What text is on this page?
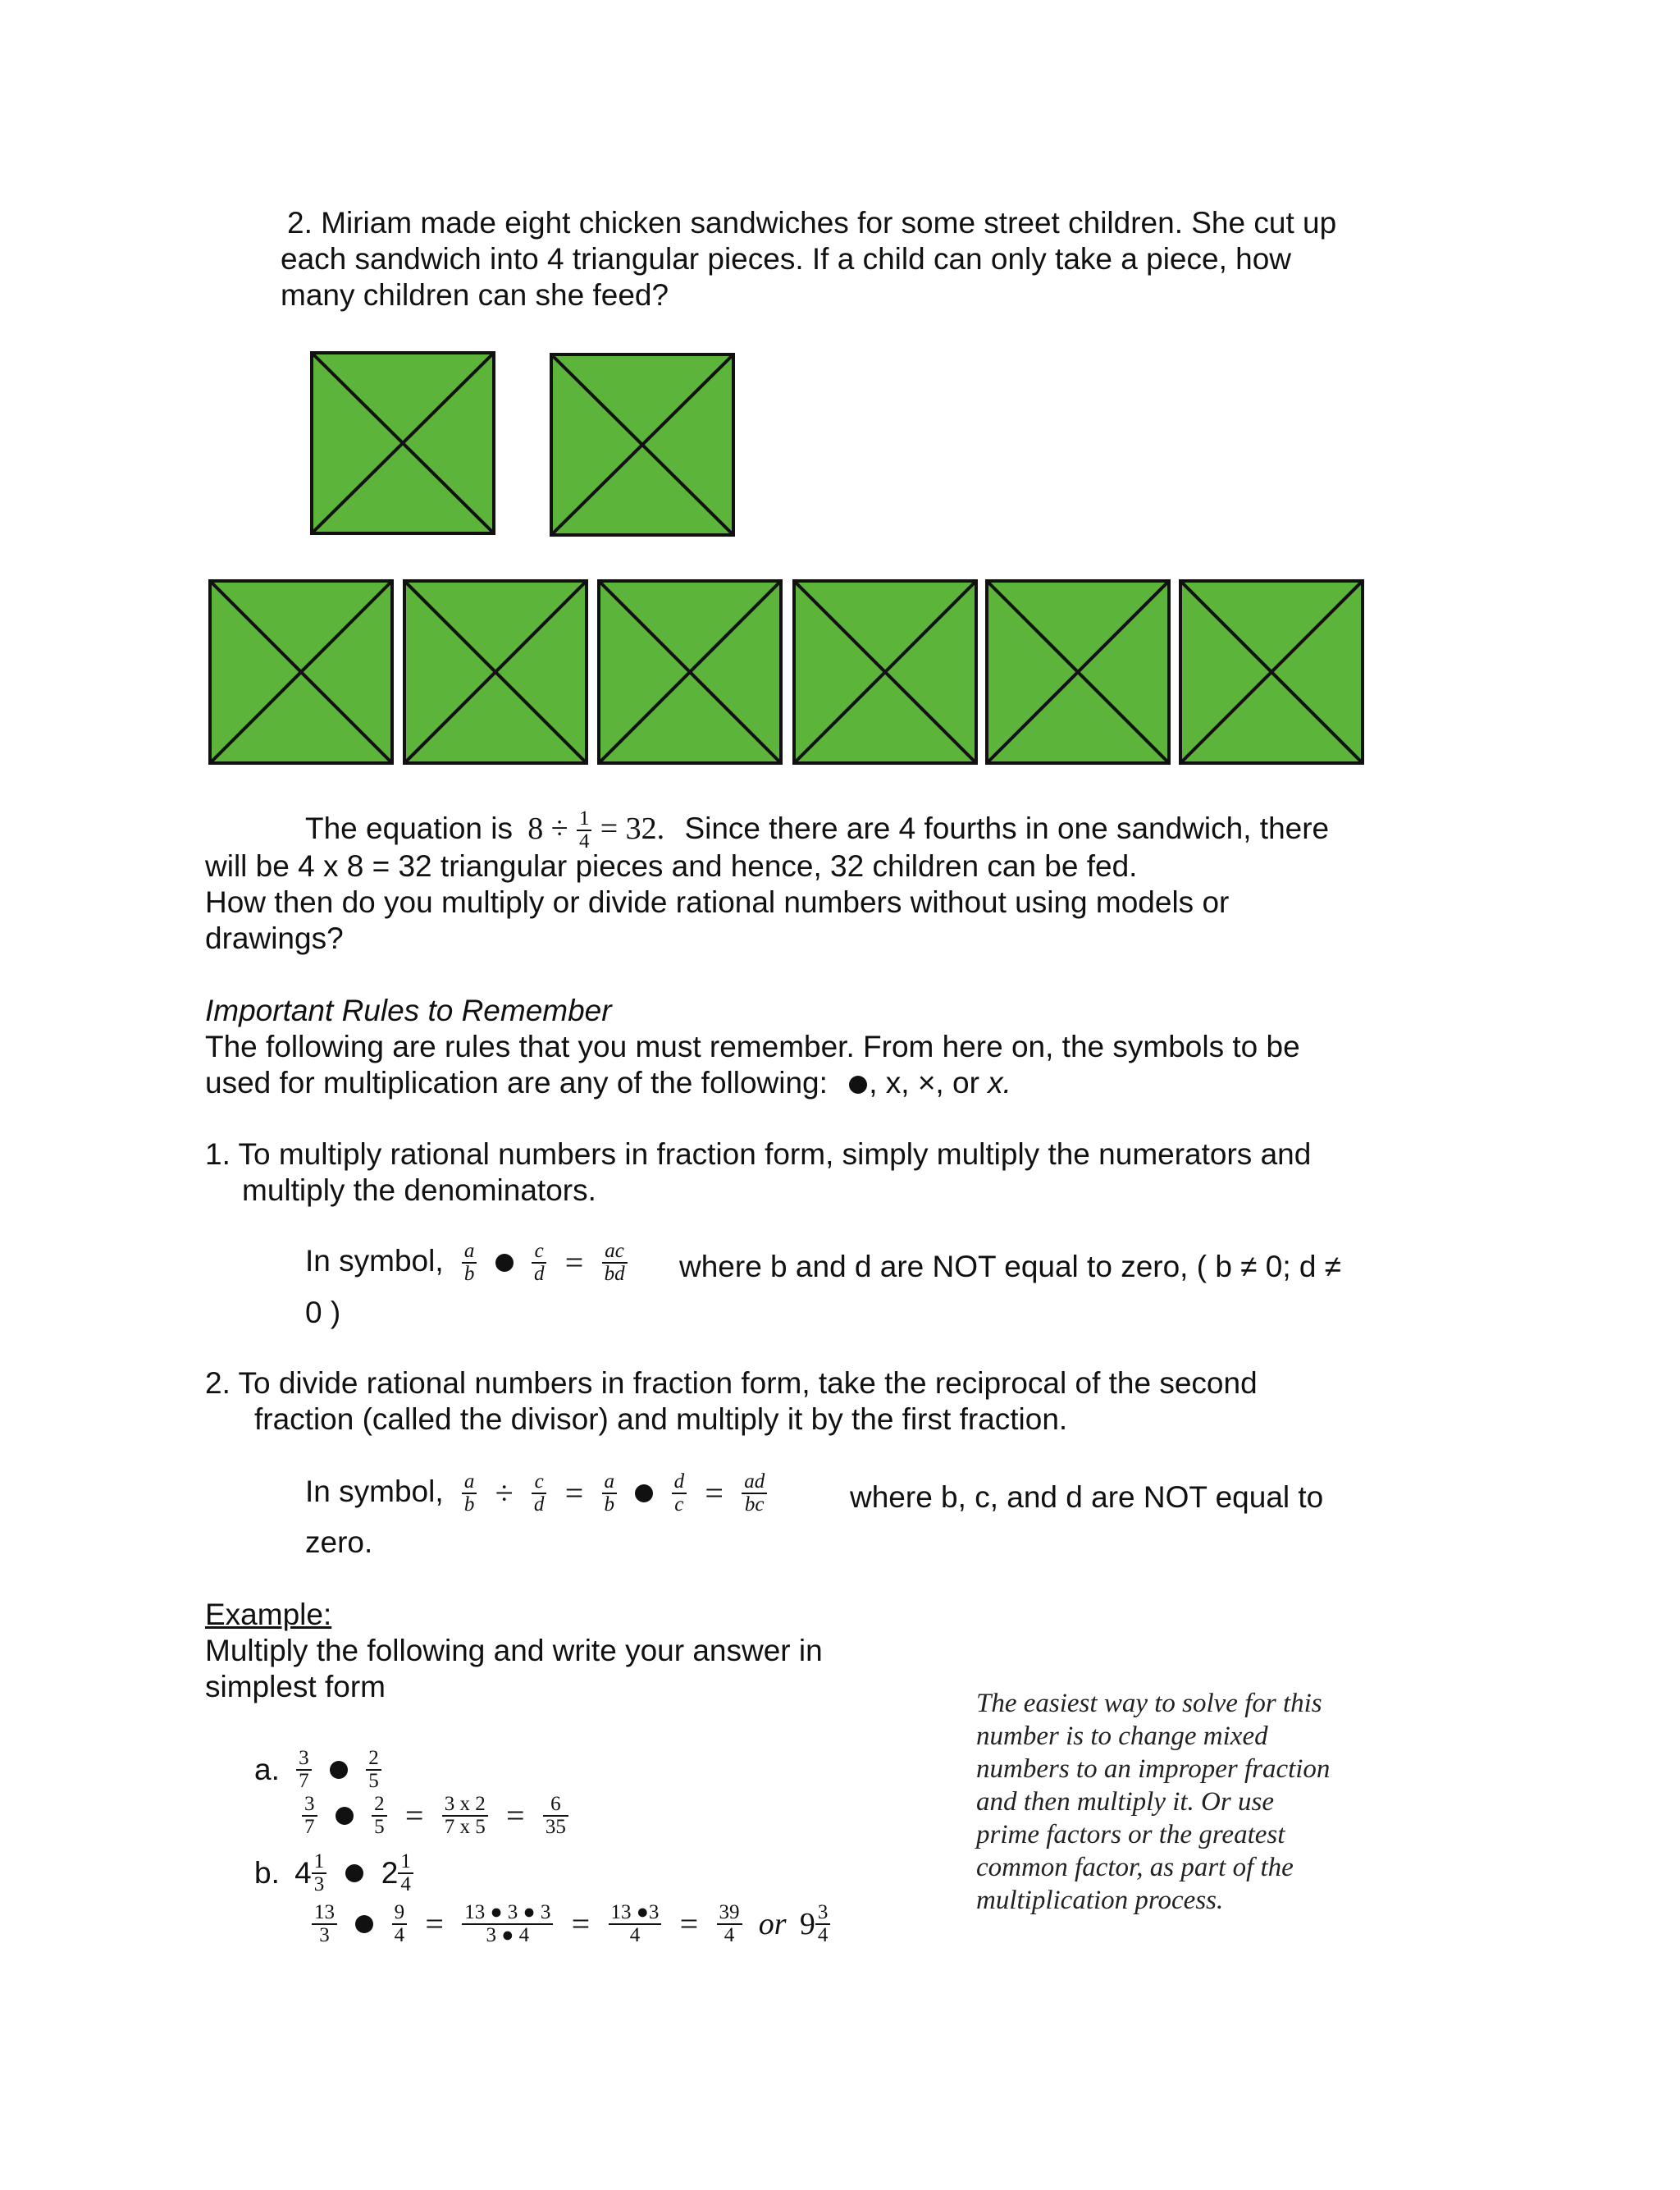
2. Miriam made eight chicken sandwiches for some street children. She cut up
each sandwich into 4 triangular pieces. If a child can only take a piece, how
many children can she feed?
The equation is $8 \div \frac{1}{4} = 32$. Since there are 4 fourths in one sandwich, there
will be 4 x 8 = 32 triangular pieces and hence, 32 children can be fed.
How then do you multiply or divide rational numbers without using models or
drawings?
Important Rules to Remember
The following are rules that you must remember. From here on, the symbols to be
used for multiplication are any of the following: , x, ×, or x.
1. To multiply rational numbers in fraction form, simply multiply the numerators and
multiply the denominators.
In symbol, $\frac{a}{b}$
	$\frac{c}{d} = \frac{ac}{bd}$ where b and d are NOT equal to zero, ( b ≠ 0; d ≠
0 )
2. To divide rational numbers in fraction form, take the reciprocal of the second
fraction (called the divisor) and multiply it by the first fraction.
In symbol, $\frac{a}{b} \div \frac{c}{d} = \frac{a}{b}$
	$\frac{d}{c} = \frac{ad}{bc}$	where b, c, and d are NOT equal to
zero.
Example:
Multiply the following and write your answer in
simplest form
a. $\frac{3}{7}$
	$\frac{2}{5}$
$\frac{3}{7}$
	$\frac{2}{5} = \frac{3 x 2}{7 x 5} = \frac{6}{35}$
b. $4 \frac{1}{3} 2 \frac{1}{4}$
$\frac{13}{3}$
	$\frac{9}{4} = \frac{13 ● 3 ● 3}{3 ● 4} = \frac{13 ●3}{4} = \frac{39}{4}$ or $9 \frac{3}{4}$
The easiest way to solve for this
number is to change mixed
numbers to an improper fraction
and then multiply it. Or use
prime factors or the greatest
common factor, as part of the
multiplication process.
